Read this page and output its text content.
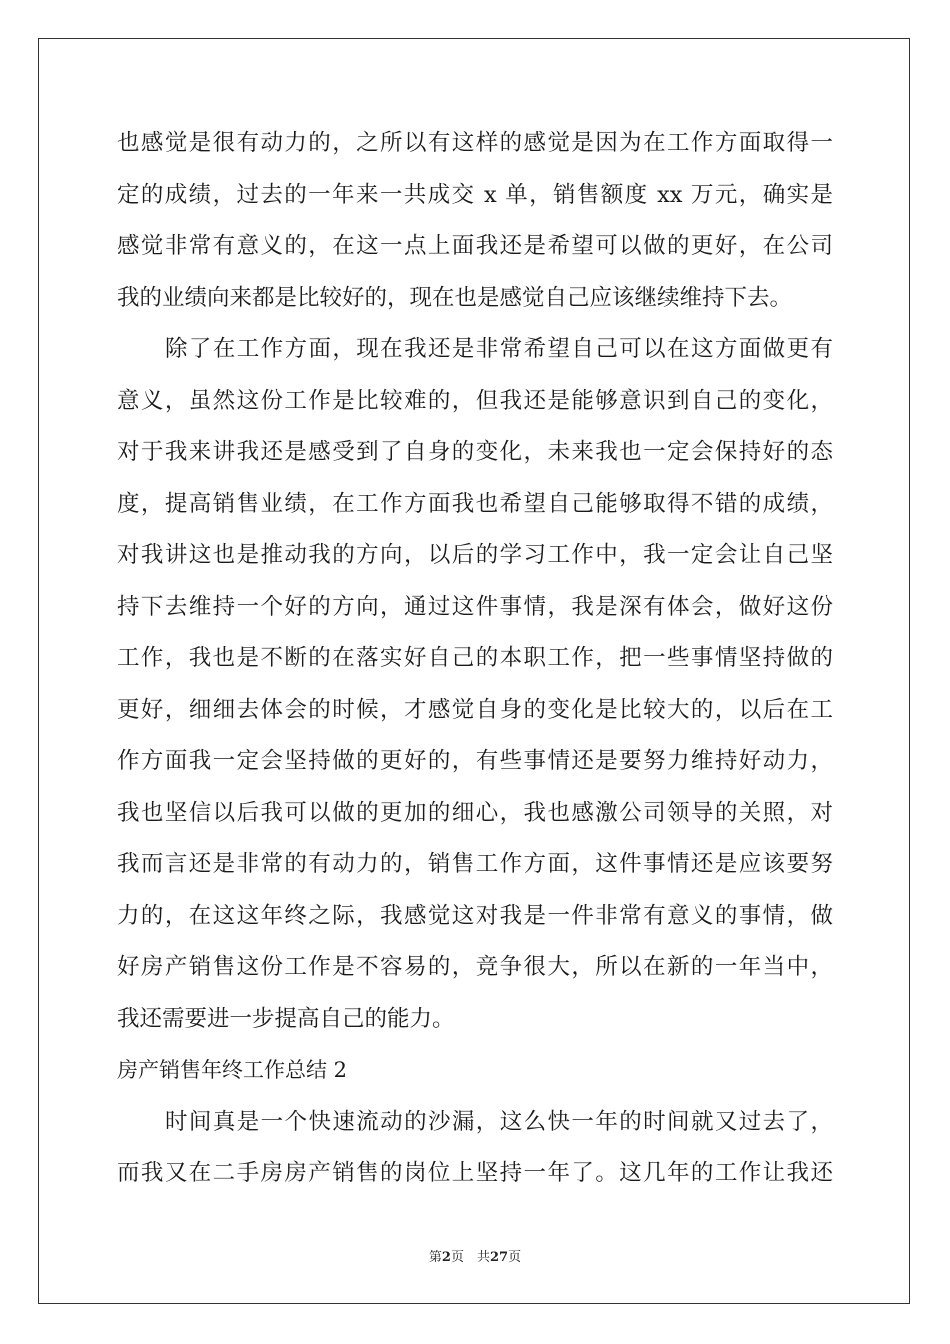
也感觉是很有动力的，之所以有这样的感觉是因为在工作方面取得一
定的成绩，过去的一年来一共成交 x 单，销售额度 xx 万元，确实是
感觉非常有意义的，在这一点上面我还是希望可以做的更好，在公司
我的业绩向来都是比较好的，现在也是感觉自己应该继续维持下去。
除了在工作方面，现在我还是非常希望自己可以在这方面做更有
意义，虽然这份工作是比较难的，但我还是能够意识到自己的变化，
对于我来讲我还是感受到了自身的变化，未来我也一定会保持好的态
度，提高销售业绩，在工作方面我也希望自己能够取得不错的成绩，
对我讲这也是推动我的方向，以后的学习工作中，我一定会让自己坚
持下去维持一个好的方向，通过这件事情，我是深有体会，做好这份
工作，我也是不断的在落实好自己的本职工作，把一些事情坚持做的
更好，细细去体会的时候，才感觉自身的变化是比较大的，以后在工
作方面我一定会坚持做的更好的，有些事情还是要努力维持好动力，
我也坚信以后我可以做的更加的细心，我也感激公司领导的关照，对
我而言还是非常的有动力的，销售工作方面，这件事情还是应该要努
力的，在这这年终之际，我感觉这对我是一件非常有意义的事情，做
好房产销售这份工作是不容易的，竞争很大，所以在新的一年当中，
我还需要进一步提高自己的能力。
房产销售年终工作总结 2
时间真是一个快速流动的沙漏，这么快一年的时间就又过去了，
而我又在二手房房产销售的岗位上坚持一年了。这几年的工作让我还
第2页　共27页
